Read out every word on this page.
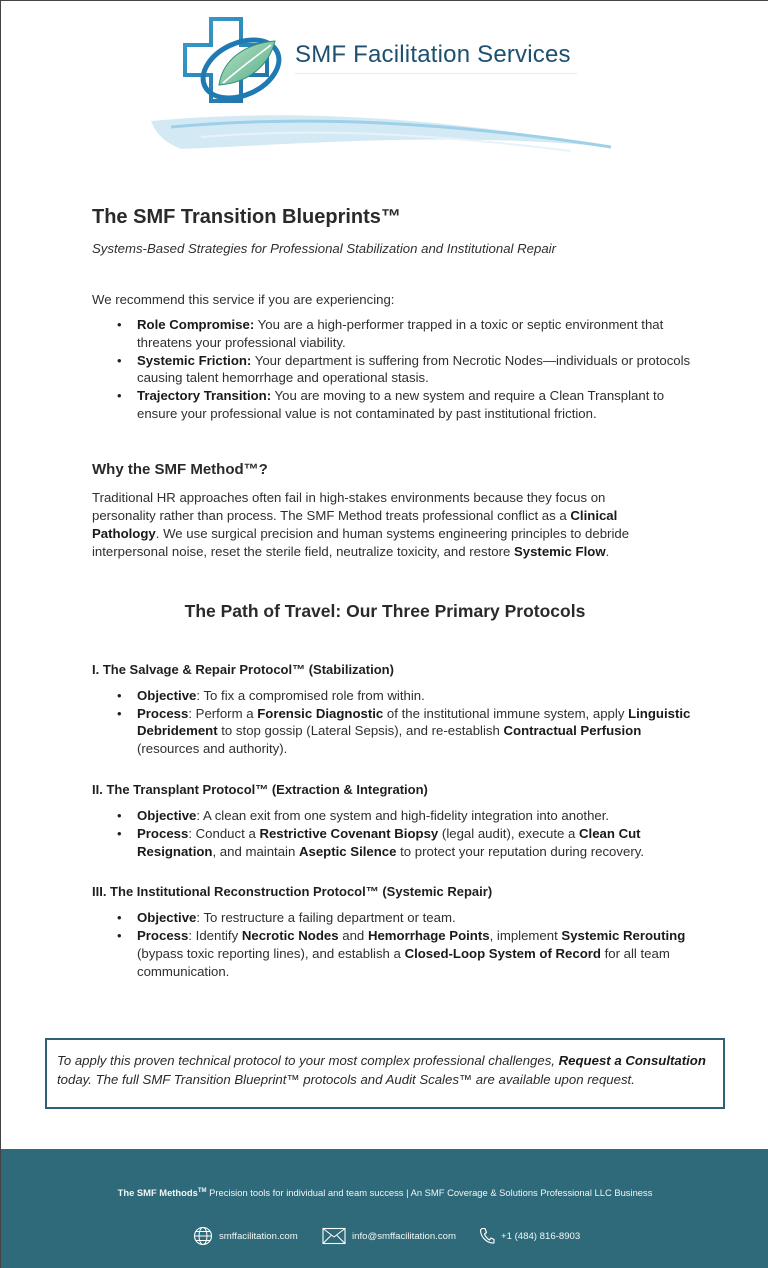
SMF Facilitation Services
The SMF Transition Blueprints™
Systems-Based Strategies for Professional Stabilization and Institutional Repair
We recommend this service if you are experiencing:
• Role Compromise: You are a high-performer trapped in a toxic or septic environment that threatens your professional viability.
• Systemic Friction: Your department is suffering from Necrotic Nodes—individuals or protocols causing talent hemorrhage and operational stasis.
• Trajectory Transition: You are moving to a new system and require a Clean Transplant to ensure your professional value is not contaminated by past institutional friction.
Why the SMF Method™?

Traditional HR approaches often fail in high-stakes environments because they focus on personality rather than process. The SMF Method treats professional conflict as a Clinical Pathology. We use surgical precision and human systems engineering principles to debride interpersonal noise, reset the sterile field, neutralize toxicity, and restore Systemic Flow.

The Path of Travel: Our Three Primary Protocols
I. The Salvage & Repair Protocol™ (Stabilization)
• Objective: To fix a compromised role from within.
• Process: Perform a Forensic Diagnostic of the institutional immune system, apply Linguistic Debridement to stop gossip (Lateral Sepsis), and re-establish Contractual Perfusion (resources and authority).
II. The Transplant Protocol™ (Extraction & Integration)
• Objective: A clean exit from one system and high-fidelity integration into another.
• Process: Conduct a Restrictive Covenant Biopsy (legal audit), execute a Clean Cut Resignation, and maintain Aseptic Silence to protect your reputation during recovery.
III. The Institutional Reconstruction Protocol™ (Systemic Repair)
• Objective: To restructure a failing department or team.
• Process: Identify Necrotic Nodes and Hemorrhage Points, implement Systemic Rerouting (bypass toxic reporting lines), and establish a Closed-Loop System of Record for all team communication.

To apply this proven technical protocol to your most complex professional challenges, Request a Consultation today. The full SMF Transition Blueprint™ protocols and Audit Scales™ are available upon request.

The SMF Methods™ Precision tools for individual and team success | An SMF Coverage & Solutions Professional LLC Business
smffacilitation.com	info@smffacilitation.com	+1 (484) 816-8903
